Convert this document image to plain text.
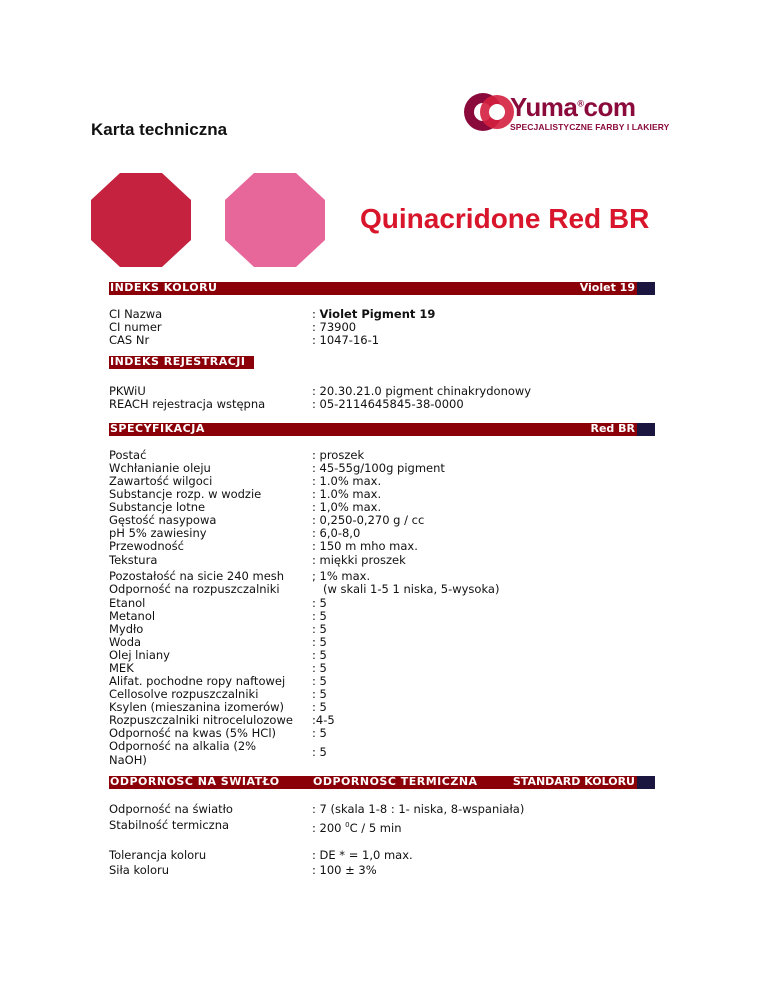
Karta techniczna
Yuma®com
SPECJALISTYCZNE FARBY I LAKIERY
Quinacridone Red BR
INDEKS KOLORU	Violet 19
CI Nazwa	: Violet Pigment 19
CI numer	: 73900
CAS Nr	: 1047-16-1
INDEKS REJESTRACJI
PKWiU	: 20.30.21.0 pigment chinakrydonowy
REACH rejestracja wstępna	: 05-2114645845-38-0000
SPECYFIKACJA	Red BR
Postać	: proszek
Wchłanianie oleju	: 45-55g/100g pigment
Zawartość wilgoci	: 1.0% max.
Substancje rozp. w wodzie	: 1.0% max.
Substancje lotne	: 1,0% max.
Gęstość nasypowa	: 0,250-0,270 g / cc
pH 5% zawiesiny	: 6,0-8,0
Przewodność	: 150 m mho max.
Tekstura	: miękki proszek
Pozostałość na sicie 240 mesh ; 1% max.
Odporność na rozpuszczalniki	(w skali 1-5 1 niska, 5-wysoka)
Etanol	: 5
Metanol	: 5
Mydło	: 5
Woda	: 5
Olej lniany	: 5
MEK	: 5
Alifat. pochodne ropy naftowej : 5
Cellosolve rozpuszczalniki	: 5
Ksylen (mieszanina izomerów) : 5
Rozpuszczalniki nitrocelulozowe :4-5
Odporność na kwas (5% HCl)	: 5
Odporność na alkalia (2%
NaOH)
: 5
ODPORNOŚĆ NA ŚWIATŁO	ODPORNOŚĆ TERMICZNA	STANDARD KOLORU
Odporność na światło	: 7 (skala 1-8 : 1- niska, 8-wspaniała)
Stabilność termiczna	: 200 $^0$C / 5 min
Tolerancja koloru	: DE * = 1,0 max.
Siła koloru	: 100 ± 3%
